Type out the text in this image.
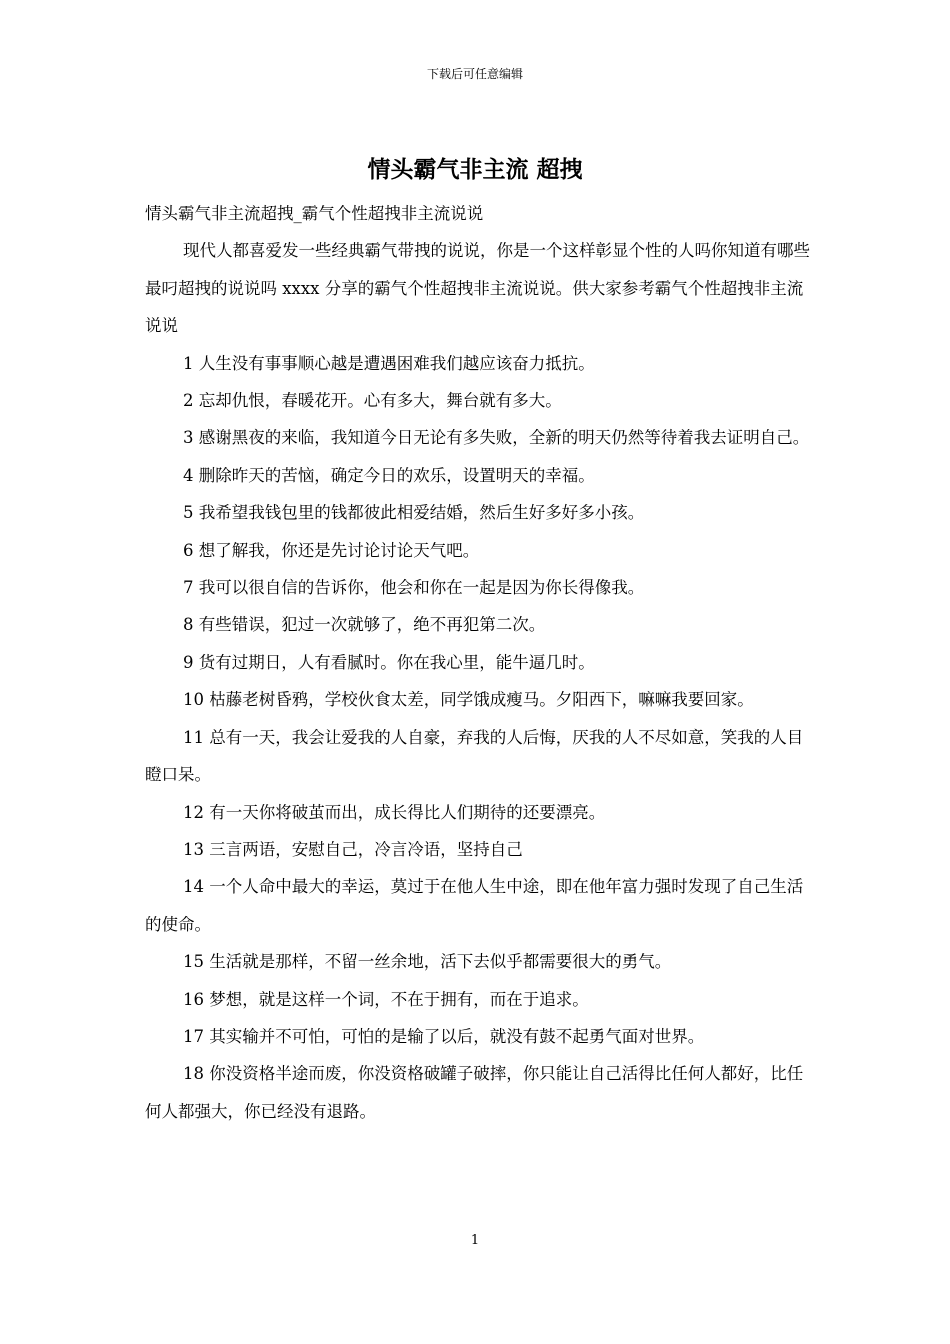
下载后可任意编辑
情头霸气非主流 超拽

情头霸气非主流超拽_霸气个性超拽非主流说说

现代人都喜爱发一些经典霸气带拽的说说，你是一个这样彰显个性的人吗你知道有哪些最叼超拽的说说吗 xxxx 分享的霸气个性超拽非主流说说。供大家参考霸气个性超拽非主流说说

1 人生没有事事顺心越是遭遇困难我们越应该奋力抵抗。

2 忘却仇恨，春暖花开。心有多大，舞台就有多大。

3 感谢黑夜的来临，我知道今日无论有多失败，全新的明天仍然等待着我去证明自己。

4 删除昨天的苦恼，确定今日的欢乐，设置明天的幸福。

5 我希望我钱包里的钱都彼此相爱结婚，然后生好多好多小孩。

6 想了解我，你还是先讨论讨论天气吧。

7 我可以很自信的告诉你，他会和你在一起是因为你长得像我。

8 有些错误，犯过一次就够了，绝不再犯第二次。

9 货有过期日，人有看腻时。你在我心里，能牛逼几时。

10 枯藤老树昏鸦，学校伙食太差，同学饿成瘦马。夕阳西下，嘛嘛我要回家。

11 总有一天，我会让爱我的人自豪，弃我的人后悔，厌我的人不尽如意，笑我的人目瞪口呆。

12 有一天你将破茧而出，成长得比人们期待的还要漂亮。

13 三言两语，安慰自己，冷言冷语，坚持自己

14 一个人命中最大的幸运，莫过于在他人生中途，即在他年富力强时发现了自己生活的使命。

15 生活就是那样，不留一丝余地，活下去似乎都需要很大的勇气。

16 梦想，就是这样一个词，不在于拥有，而在于追求。

17 其实输并不可怕，可怕的是输了以后，就没有鼓不起勇气面对世界。

18 你没资格半途而废，你没资格破罐子破摔，你只能让自己活得比任何人都好，比任何人都强大，你已经没有退路。

1
